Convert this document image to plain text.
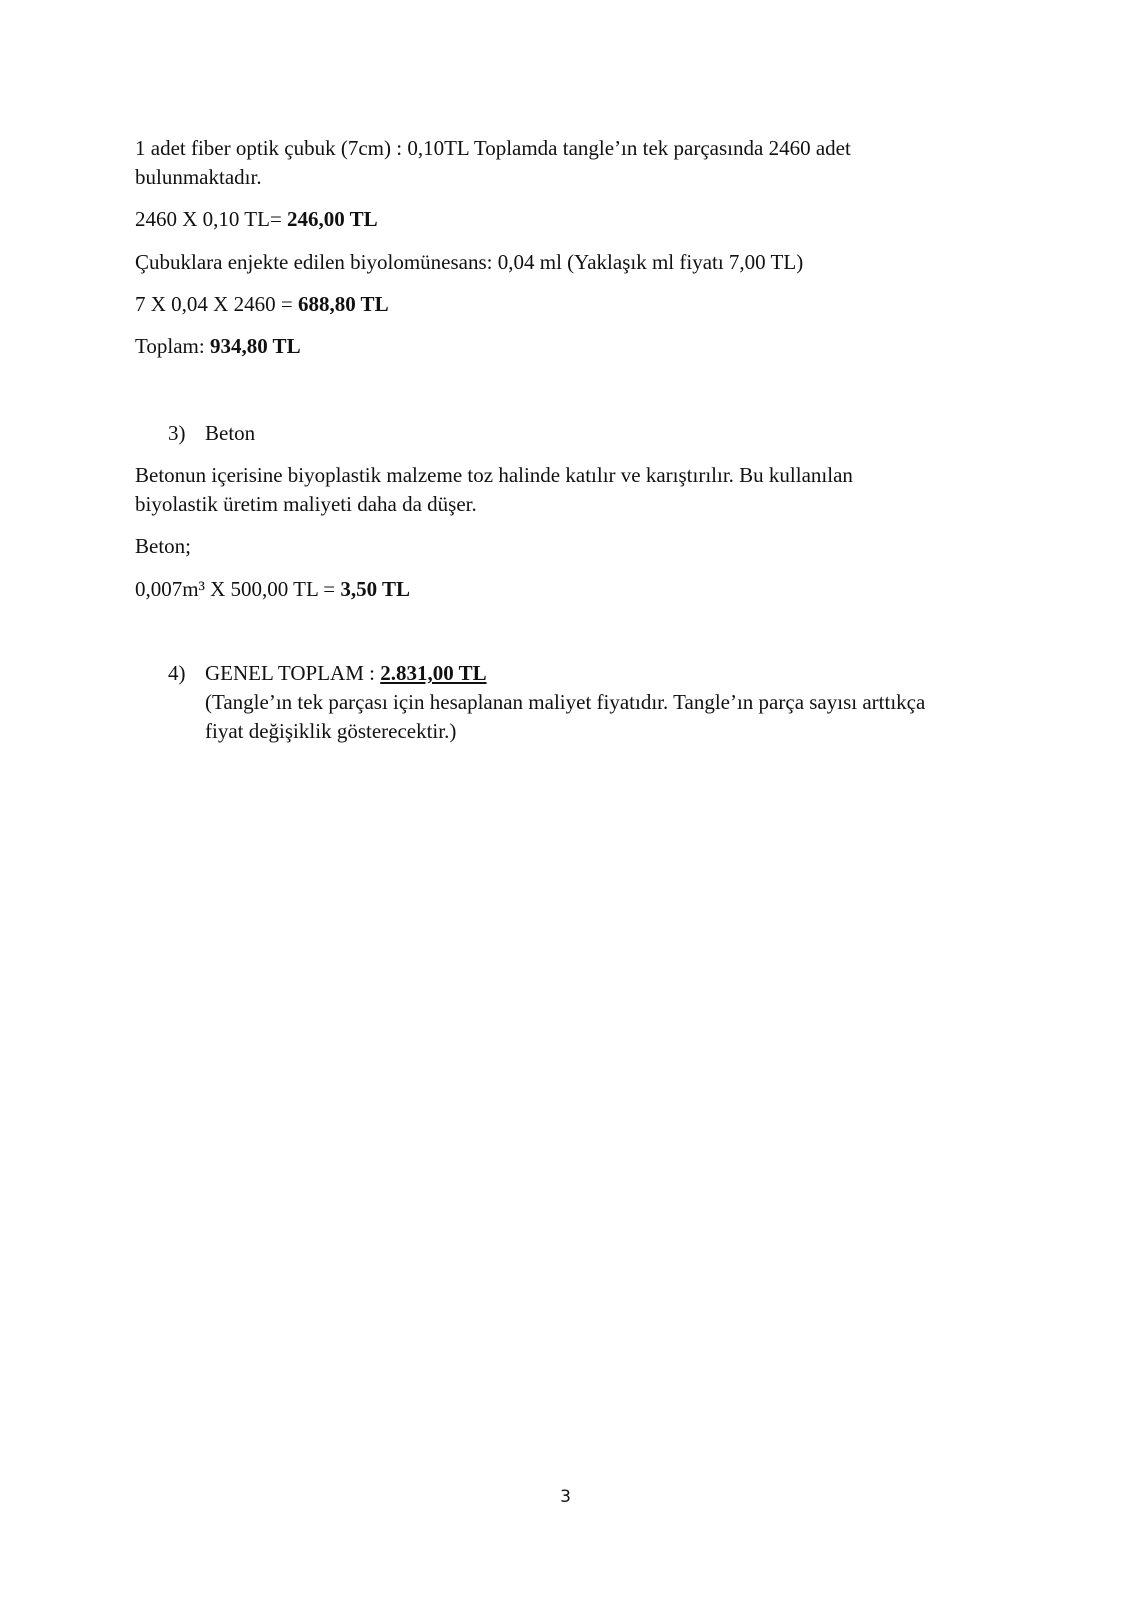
1 adet fiber optik çubuk (7cm) : 0,10TL Toplamda tangle’ın tek parçasında 2460 adet
bulunmaktadır.
2460 X 0,10 TL= 246,00 TL
Çubuklara enjekte edilen biyolomünesans: 0,04 ml (Yaklaşık ml fiyatı 7,00 TL)
7 X 0,04 X 2460 = 688,80 TL
Toplam: 934,80 TL
3) Beton
Betonun içerisine biyoplastik malzeme toz halinde katılır ve karıştırılır. Bu kullanılan
biyolastik üretim maliyeti daha da düşer.
Beton;
0,007m³ X 500,00 TL = 3,50 TL
4) GENEL TOPLAM : 2.831,00 TL
(Tangle’ın tek parçası için hesaplanan maliyet fiyatıdır. Tangle’ın parça sayısı arttıkça
fiyat değişiklik gösterecektir.)
3
